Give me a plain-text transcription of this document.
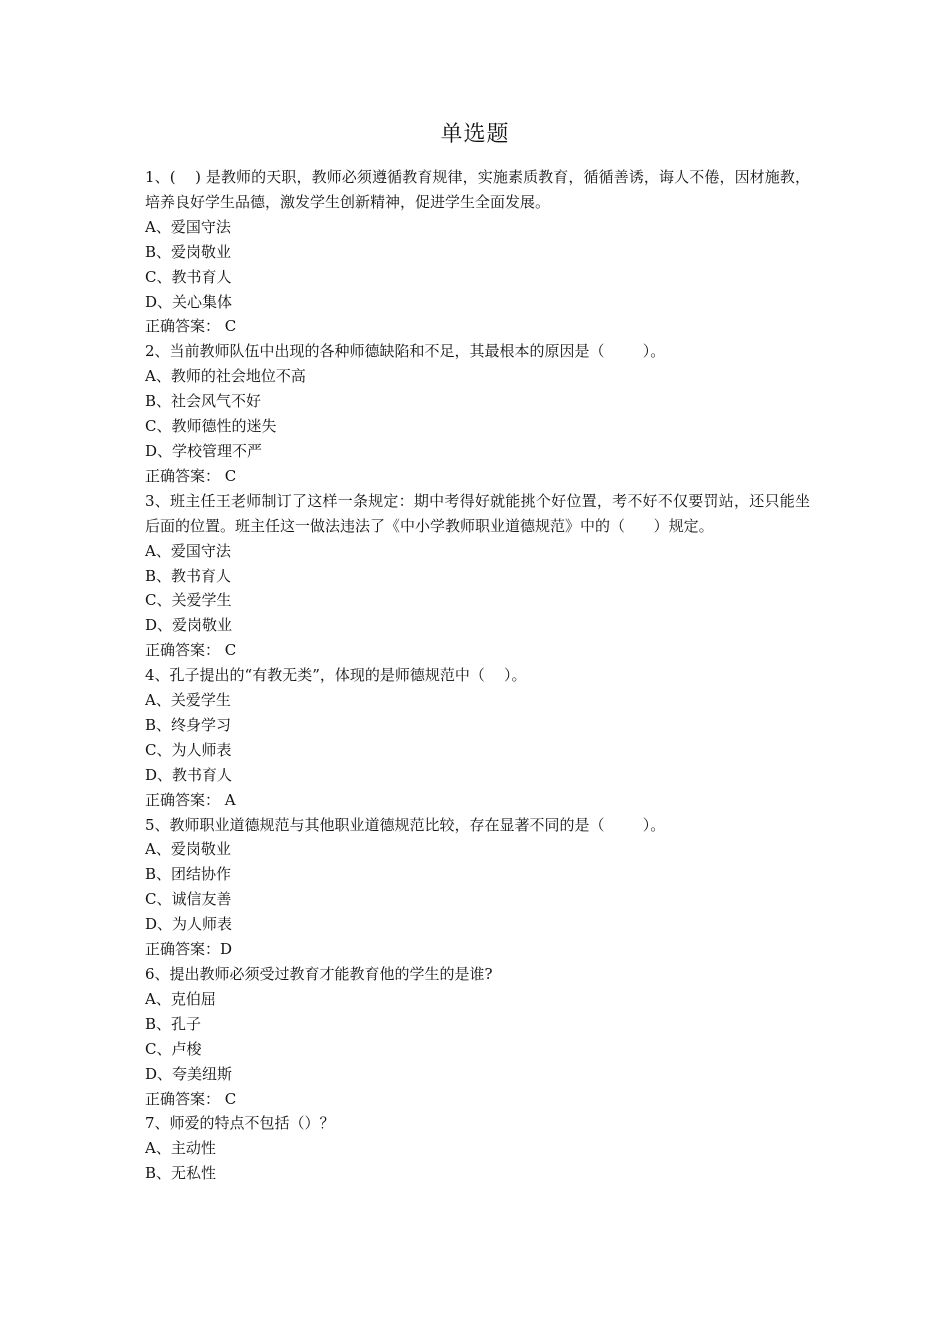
单选题
1、(    ) 是教师的天职，教师必须遵循教育规律，实施素质教育，循循善诱，诲人不倦，因材施教，培养良好学生品德，激发学生创新精神，促进学生全面发展。
A、爱国守法
B、爱岗敬业
C、教书育人
D、关心集体
正确答案： C
2、当前教师队伍中出现的各种师德缺陷和不足，其最根本的原因是（        ）。
A、教师的社会地位不高
B、社会风气不好
C、教师德性的迷失
D、学校管理不严
正确答案： C
3、班主任王老师制订了这样一条规定：期中考得好就能挑个好位置，考不好不仅要罚站，还只能坐后面的位置。班主任这一做法违法了《中小学教师职业道德规范》中的（      ）规定。
A、爱国守法
B、教书育人
C、关爱学生
D、爱岗敬业
正确答案： C
4、孔子提出的“有教无类”，体现的是师德规范中（    ）。
A、关爱学生
B、终身学习
C、为人师表
D、教书育人
正确答案： A
5、教师职业道德规范与其他职业道德规范比较，存在显著不同的是（        ）。
A、爱岗敬业
B、团结协作
C、诚信友善
D、为人师表
正确答案：D
6、提出教师必须受过教育才能教育他的学生的是谁?
A、克伯屈
B、孔子
C、卢梭
D、夸美纽斯
正确答案： C
7、师爱的特点不包括（）？
A、主动性
B、无私性
